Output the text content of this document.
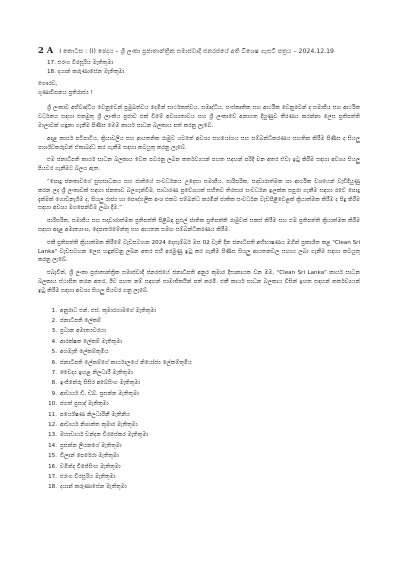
2 A I කොටස : (I) ඡෙදය – ශ්‍රී ලංකා ප්‍රජාතාන්ත්‍රික සමාජවාදී ජනරජයේ අති විශෙෂ ගැසට් පත්‍රය – 2024.12.19
17. එරංග වීරසූරිය මැතිතුමා
18. දයාන් කරුණාසේන මැතිතුමා
ගෞරව,
ගුණාවිඝනය ප්‍රතිරාජ්‍ය !

ශ්‍රී ලංකාව අභිවෘද්ධිය වෙනුවෙන් ප්‍රමුඛත්වය දෙමින් සාර්ථකත්වය, සමෘද්ධිය, සංස්කෘතික සහ ආර්ථික වෙනුවෙන් ද සමාජීය සහ ආර්ථික වර්ධනය සඳහා එකමුතු ශ්‍රී ලාංකිය ප්‍රජාව එක් වීමේ අවශ්‍යතාවය සහ ශ්‍රී ලංකාවේ අනාගත දියුණුව තීරණය කරන්නා ලෙස ප්‍රතිපත්ති මාලාවක් හඳුනා ගැනීම පිණිස මෙම කාර්ය සාධන බලකාය පත් කරනු ලැබේ.

අදාළ කාර්ය පටිපාටිය, ක්‍රියාවලිය සහ ආයතනික රාමුව යටතේ අවශ්‍ය සහයෝගය සහ සම්බන්ධීකරණය සහතික කිරීම පිණිස ද සියලු පාර්ශ්වකරුවන් ඒකාබද්ධ කර ගැනීම සඳහා කටයුතු කරනු ලැබේ.

එම ජනාධිපති කාර්ය සාධන බලකාය වෙත පවරනු ලබන කර්තව්‍යයන් පහත සඳහන් පරිදි වන අතර ඒවා ඉටු කිරීම සඳහා අවශ්‍ය සියලු පියවර ගැනීමට බලය ඇත.

“පොදු ජනතාවගේ සුභසාධනය සහ ජාතියේ සංවර්ධනය උදෙසා සමාජීය, පාරිසරික, සදාචාරාත්මක හා ආර්ථික වශයෙන් වැඩිදියුණු කරන ලද ශ්‍රී ලංකාවක් සඳහා ජනතාව බලගැන්වීම, සාධාරණ ප්‍රවේශයක් සහිතව තිරසාර සංවර්ධන ඉලක්ක සපුරා ගැනීම සඳහා රටේ පොදු දැක්මක් ගොඩනැගීම ද, සියලු රාජ්‍ය හා පෞද්ගලික අංශ එකට සම්බන්ධ කරමින් ජාතික සංවර්ධන වැඩපිළිවෙළක් ක්‍රියාත්මක කිරීම ද සිදු කිරීම සඳහා අවශ්‍ය මගපෙන්වීම ලබා දීම.”

පාරිසරික, සමාජීය සහ සදාචාරාත්මක ප්‍රතිපත්ති පිළිබඳ පුළුල් ජාතික ප්‍රතිපත්ති රාමුවක් සකස් කිරීම සහ එම ප්‍රතිපත්ති ක්‍රියාත්මක කිරීම සඳහා අදාළ අමාත්‍යාංශ, දෙපාර්තමේන්තු සහ ආයතන සමඟ සම්බන්ධීකරණය කිරීම.

එකී ප්‍රතිපත්ති ක්‍රියාත්මක කිරීමේ වැඩසටහන 2024 දෙසැම්බර් මස 02 වැනි දින ජනාධිපති අභිභාෂණය මගින් ප්‍රකාශිත කළ "Clean Sri Lanka" වැඩසටහන ලෙස හඳුන්වනු ලබන අතර එහි අරමුණු ඉටු කර ගැනීම පිණිස සියලු ආයතනවල සහාය ලබා ගැනීම සඳහා කටයුතු කරනු ලැබේ.

එබැවින්, ශ්‍රී ලංකා ප්‍රජාතාන්ත්‍රික සමාජවාදී ජනරජයේ ජනාධිපති අනුර කුමාර දිසානායක වන මම, "Clean Sri Lanka" කාර්ය සාධන බලකාය ස්ථාපිත කරන අතර, ඊට පහත නම් සඳහන් සාමාජිකයින් පත් කරමි. එකී කාර්ය සාධන බලකාය විසින් ඉහත සඳහන් කර්තව්‍යයන් ඉටු කිරීම සඳහා අවශ්‍ය සියලු පියවර ගනු ලැබේ.

1. අනුරාධ එන්. එස්. කුමාරගාමගේ මැතිතුමා
2. ජනාධිපති ලේකම්
3. ප්‍රධාන අමාත්‍යවරයා
4. ආරක්ෂක ලේකම් මැතිතුමා
5. අගමැති ලේකම්තුමිය
6. ජනාධිපති ලේකම්ගේ කාර්යාලයේ නියෝජ්‍ය ලේකම්තුමිය
7. වෛද්‍ය ඉහළ නිලධාරී මැතිතුමා
8. ඉංජිනේරු සිසිර අබේසිංහ මැතිතුමා
9. ආචාර්ය ඩී. ඩබ්. ප්‍රසන්න මැතිතුමා
10. ජගත් ප්‍රසාද් මැතිතුමා
11. පර්යේෂණ නිලධාරිනී මැතිනිය
12. ආචාර්ය නිශාන්ත කුමාර මැතිතුමා
13. මහාචාර්ය චන්දන වීරසේකර මැතිතුමා
14. ප්‍රසන්න ලියනගේ මැතිතුමා
15. ඩිලාන් පෙරේරා මැතිතුමා
16. චමින්ද විජේසිංහ මැතිතුමා
17. එරංග වීරසූරිය මැතිතුමා
18. දයාන් කරුණාසේන මැතිතුමා
